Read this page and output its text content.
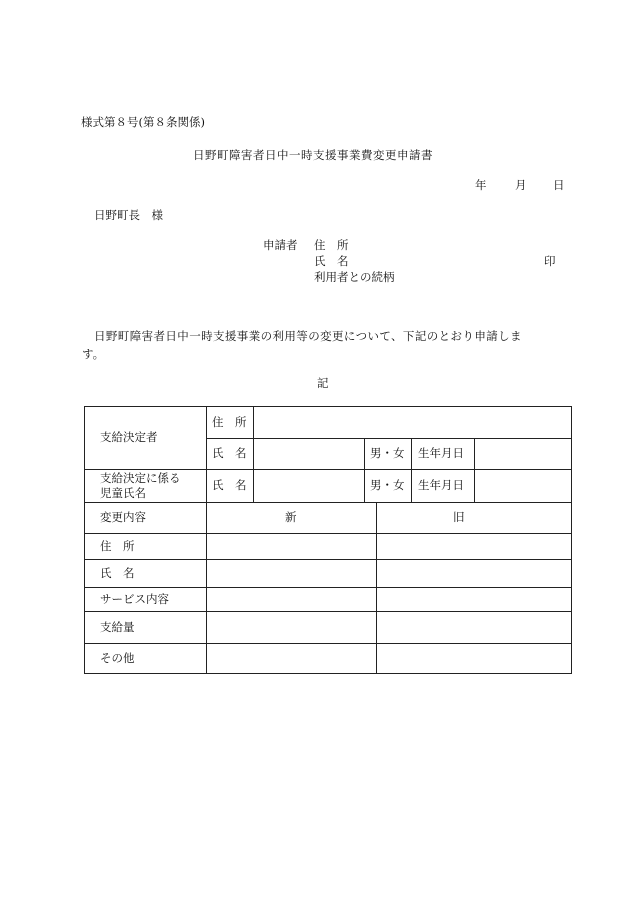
様式第８号(第８条関係)
日野町障害者日中一時支援事業費変更申請書
年 月 日
日野町長　様
申請者 住　所
氏　名	印
利用者との続柄
日野町障害者日中一時支援事業の利用等の変更について、下記のとおり申請しま
す。
記
支給決定者
住　所
氏　名	男・女 生年月日
支給決定に係る
児童氏名
氏　名	男・女 生年月日
変更内容	新	旧
住　所
氏　名
サービス内容
支給量
その他
